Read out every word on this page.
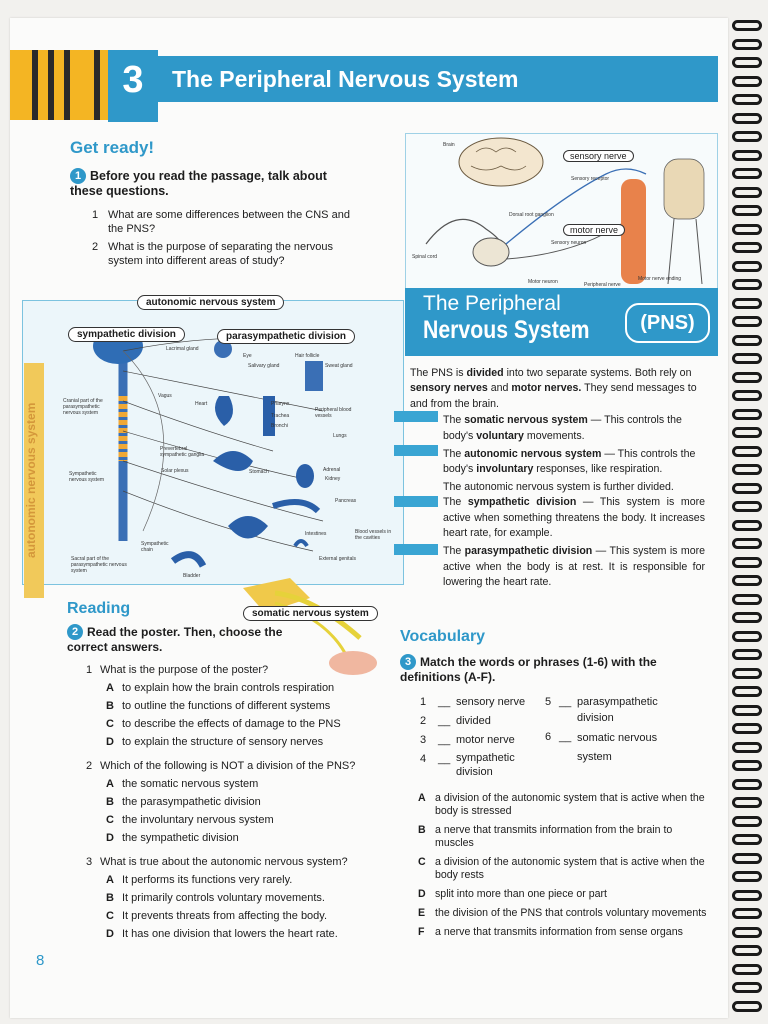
The Peripheral Nervous System
3
Get ready!
1 Before you read the passage, talk about these questions.
1 What are some differences between the CNS and the PNS?
2 What is the purpose of separating the nervous system into different areas of study?
Lacrimal gland
Eye	Hair follicle
Salivary gland	Sweat gland
Cranial part of the parasympathetic nervous system
Vagus
Heart	Pharynx
Trachea
Bronchi
Peripheral blood vessels
Lungs
Sympathetic nervous system
Prevertebral sympathetic ganglia
Solar plexus	Stomach	Adrenal
Kidney
Pancreas
Intestines	Blood vessels in the cavities
Sympathetic chain
External genitals
Sacral part of the parasympathetic nervous system
Bladder
autonomic nervous system
autonomic nervous system
sympathetic division	parasympathetic division
somatic nervous system
Brain
sensory nerve
Sensory receptor
Dorsal root ganglion
motor nerve
Sensory neuron
Spinal cord
Motor neuron	Peripheral nerve
Motor nerve ending
The Peripheral
Nervous System	(PNS)

The PNS is divided into two separate systems. Both rely on sensory nerves and motor nerves. They send messages to and from the brain.

The somatic nervous system — This controls the body's voluntary movements.

The autonomic nervous system — This controls the body's involuntary responses, like respiration.

The autonomic nervous system is further divided.

The sympathetic division — This system is more active when something threatens the body. It increases heart rate, for example.

The parasympathetic division — This system is more active when the body is at rest. It is responsible for lowering the heart rate.

Reading
2 Read the poster. Then, choose the correct answers.
1 What is the purpose of the poster?
A to explain how the brain controls respiration
B to outline the functions of different systems
C to describe the effects of damage to the PNS
D to explain the structure of sensory nerves
2 Which of the following is NOT a division of the PNS?
A the somatic nervous system
B the parasympathetic division
C the involuntary nervous system
D the sympathetic division
3 What is true about the autonomic nervous system?
A It performs its functions very rarely.
B It primarily controls voluntary movements.
C It prevents threats from affecting the body.
D It has one division that lowers the heart rate.
Vocabulary
3 Match the words or phrases (1-6) with the definitions (A-F).
1	__ sensory nerve
2	__ divided
3	__ motor nerve
4	__ sympathetic division
5 __ parasympathetic division
6 __ somatic nervous system
A a division of the autonomic system that is active when the body is stressed
B a nerve that transmits information from the brain to muscles
C a division of the autonomic system that is active when the body rests
D split into more than one piece or part
E the division of the PNS that controls voluntary movements
F a nerve that transmits information from sense organs
8
